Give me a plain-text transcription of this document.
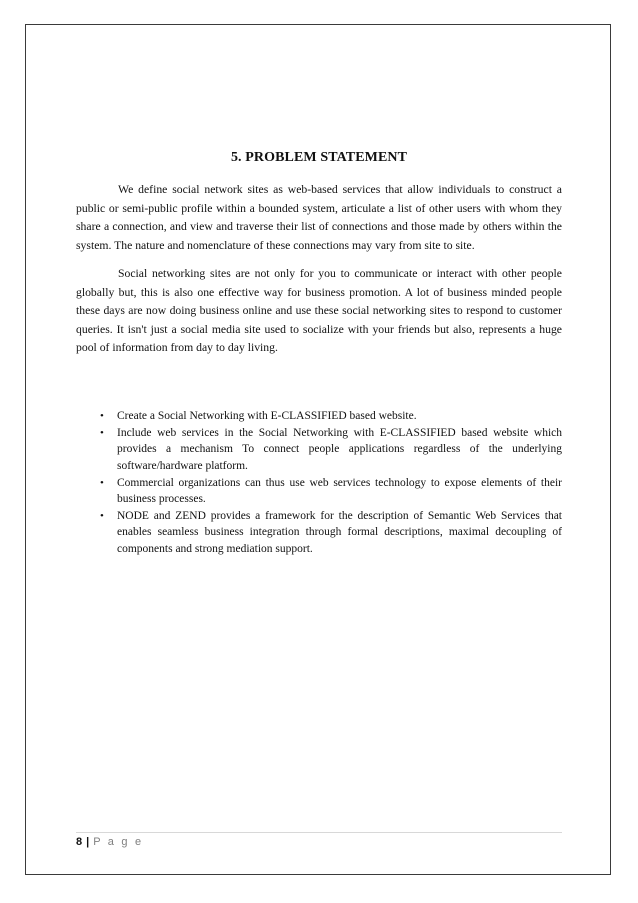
5. PROBLEM STATEMENT

We define social network sites as web-based services that allow individuals to construct a public or semi-public profile within a bounded system, articulate a list of other users with whom they share a connection, and view and traverse their list of connections and those made by others within the system. The nature and nomenclature of these connections may vary from site to site.

Social networking sites are not only for you to communicate or interact with other people globally but, this is also one effective way for business promotion. A lot of business minded people these days are now doing business online and use these social networking sites to respond to customer queries. It isn't just a social media site used to socialize with your friends but also, represents a huge pool of information from day to day living.

• Create a Social Networking with E-CLASSIFIED based website.
• Include web services in the Social Networking with E-CLASSIFIED based website which provides a mechanism To connect people applications regardless of the underlying software/hardware platform.
• Commercial organizations can thus use web services technology to expose elements of their business processes.
• NODE and ZEND provides a framework for the description of Semantic Web Services that enables seamless business integration through formal descriptions, maximal decoupling of components and strong mediation support.
8 | P a g e
